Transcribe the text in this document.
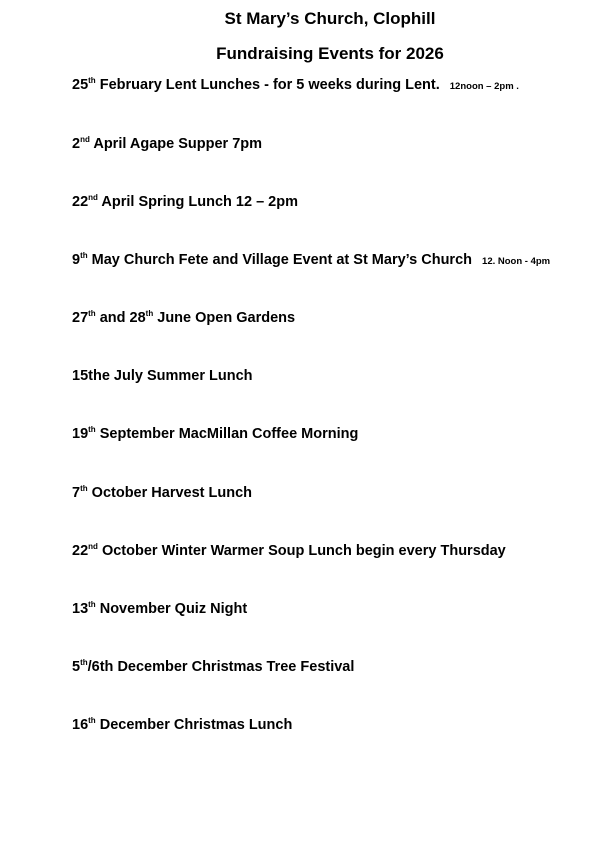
St Mary’s Church, Clophill
Fundraising Events for 2026
25th February Lent Lunches - for 5 weeks during Lent. 12noon – 2pm .
2nd April Agape Supper 7pm
22nd April Spring Lunch 12 – 2pm
9th May Church Fete and Village Event at St Mary’s Church 12. Noon - 4pm
27th and 28th June Open Gardens
15the July Summer Lunch
19th September MacMillan Coffee Morning
7th October Harvest Lunch
22nd October Winter Warmer Soup Lunch begin every Thursday
13th November Quiz Night
5th/6th December Christmas Tree Festival
16th December Christmas Lunch
